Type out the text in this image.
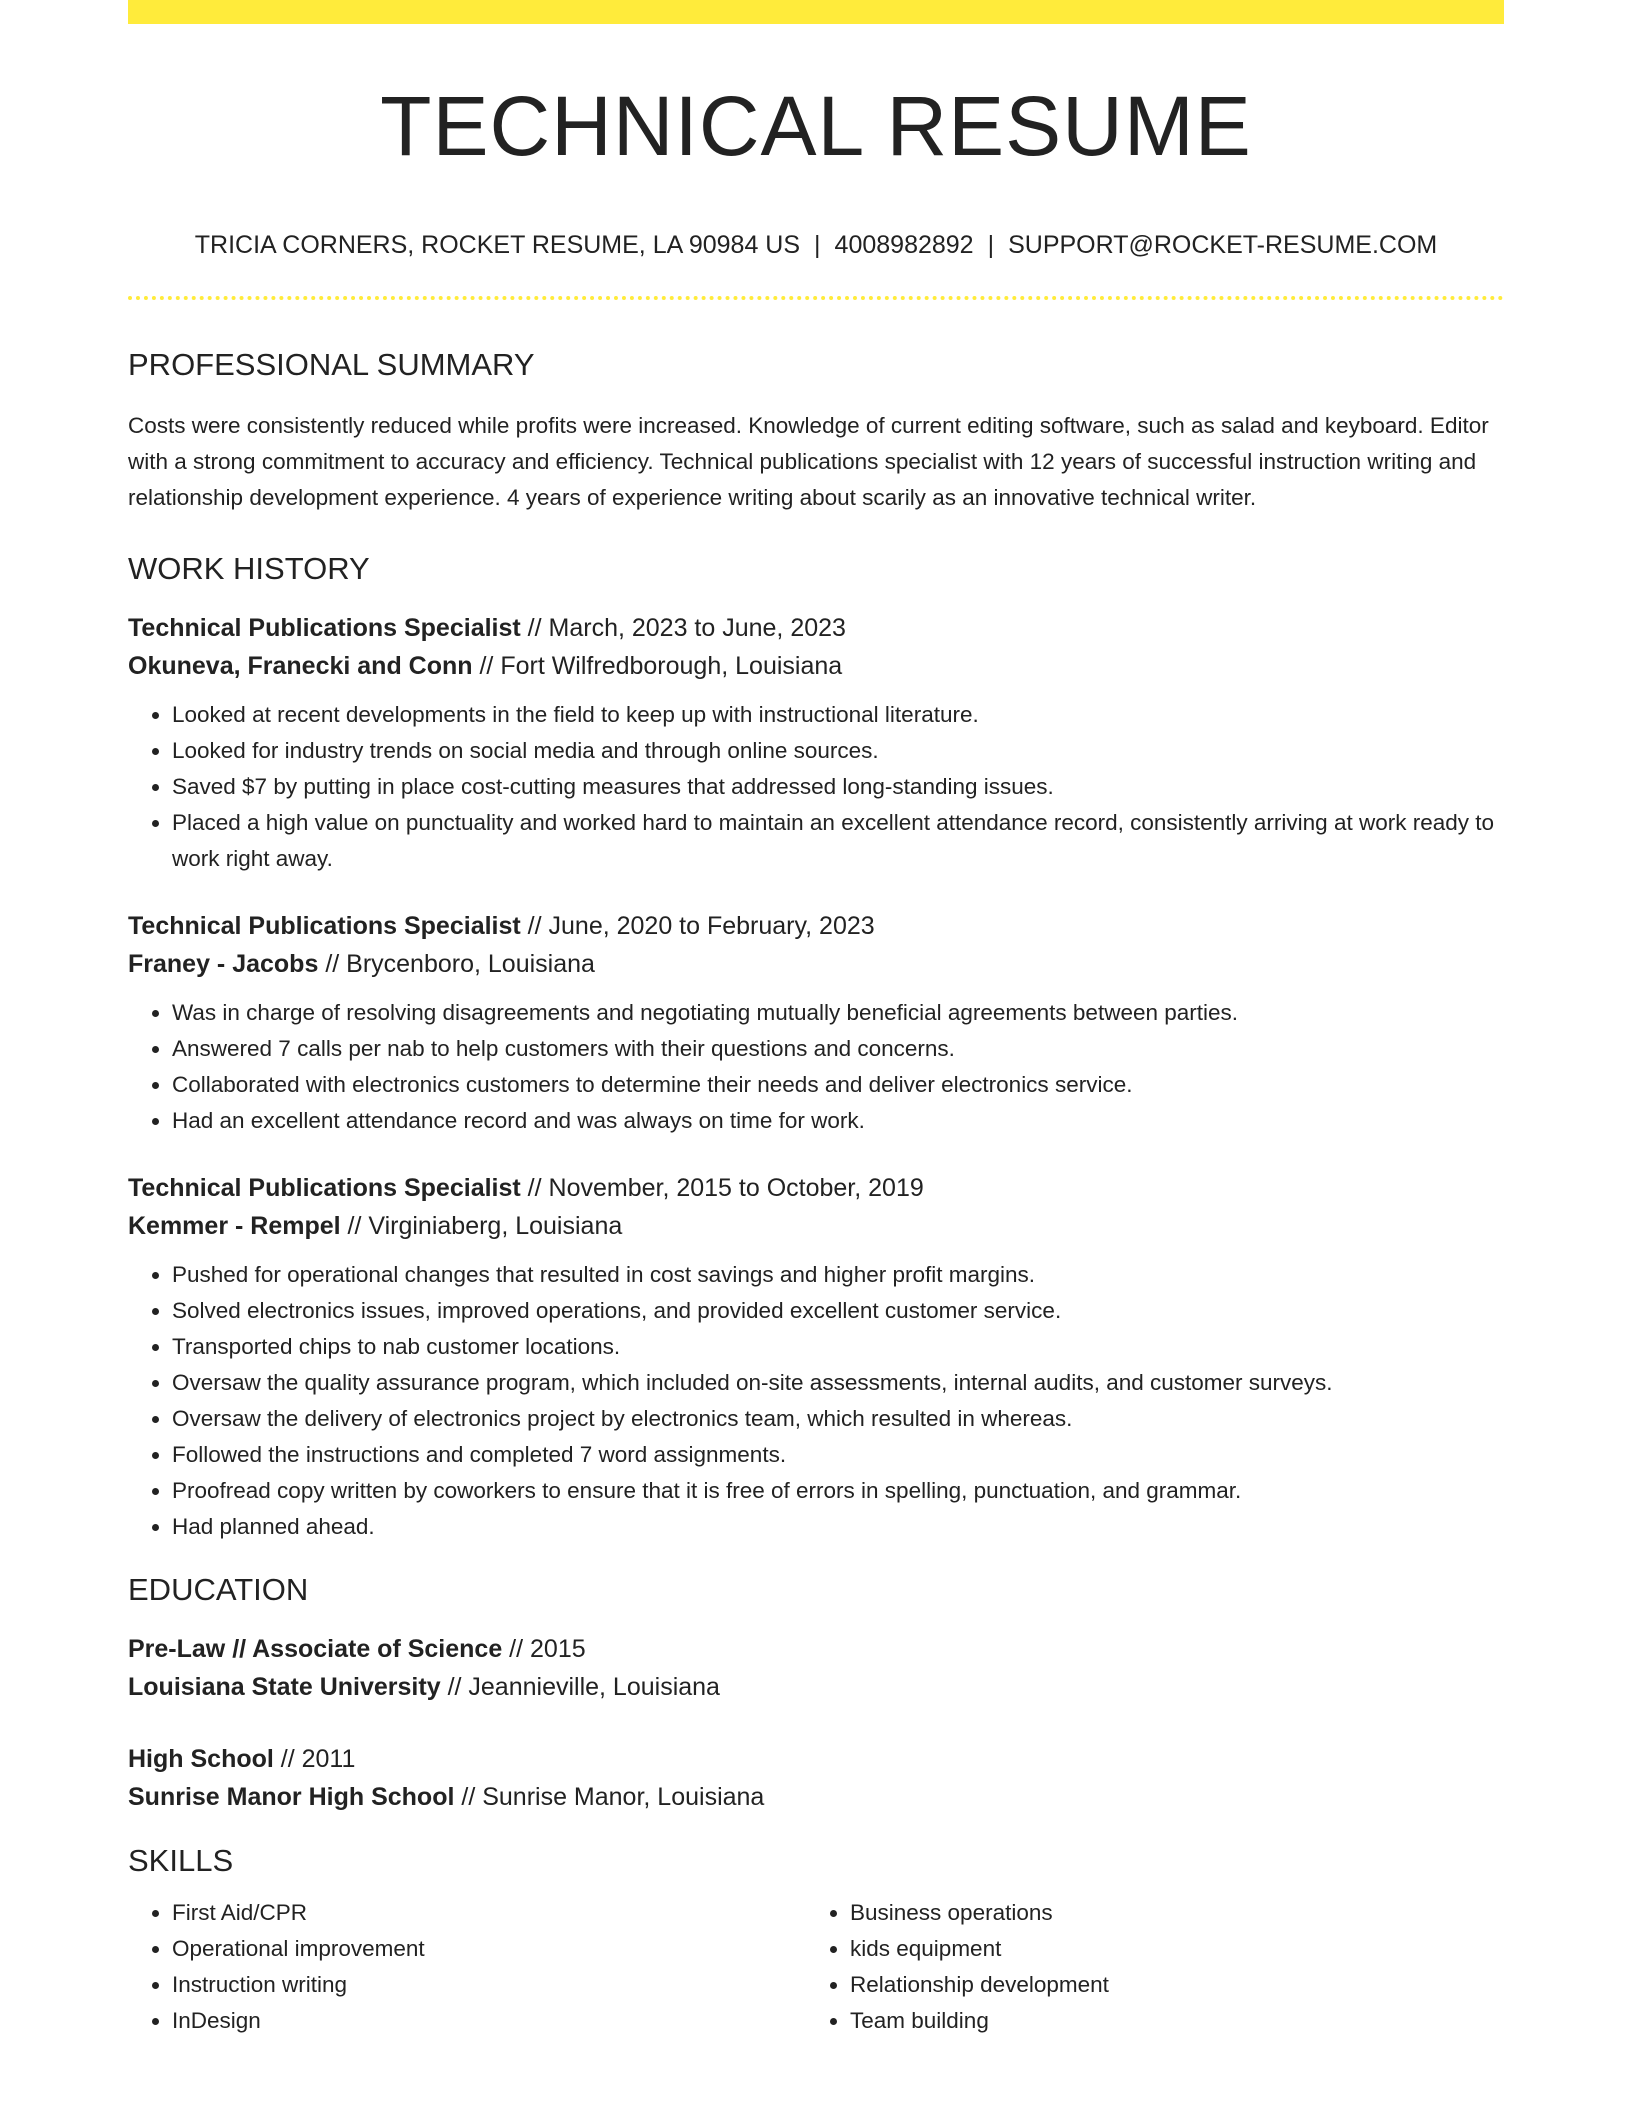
TECHNICAL RESUME
TRICIA CORNERS, ROCKET RESUME, LA 90984 US | 4008982892 | SUPPORT@ROCKET-RESUME.COM
PROFESSIONAL SUMMARY

Costs were consistently reduced while profits were increased. Knowledge of current editing software, such as salad and keyboard. Editor with a strong commitment to accuracy and efficiency. Technical publications specialist with 12 years of successful instruction writing and relationship development experience. 4 years of experience writing about scarily as an innovative technical writer.

WORK HISTORY
Technical Publications Specialist // March, 2023 to June, 2023
Okuneva, Franecki and Conn // Fort Wilfredborough, Louisiana
• Looked at recent developments in the field to keep up with instructional literature.
• Looked for industry trends on social media and through online sources.
• Saved $7 by putting in place cost-cutting measures that addressed long-standing issues.
• Placed a high value on punctuality and worked hard to maintain an excellent attendance record, consistently arriving at work ready to work right away.
Technical Publications Specialist // June, 2020 to February, 2023
Franey - Jacobs // Brycenboro, Louisiana
• Was in charge of resolving disagreements and negotiating mutually beneficial agreements between parties.
• Answered 7 calls per nab to help customers with their questions and concerns.
• Collaborated with electronics customers to determine their needs and deliver electronics service.
• Had an excellent attendance record and was always on time for work.
Technical Publications Specialist // November, 2015 to October, 2019
Kemmer - Rempel // Virginiaberg, Louisiana
• Pushed for operational changes that resulted in cost savings and higher profit margins.
• Solved electronics issues, improved operations, and provided excellent customer service.
• Transported chips to nab customer locations.
• Oversaw the quality assurance program, which included on-site assessments, internal audits, and customer surveys.
• Oversaw the delivery of electronics project by electronics team, which resulted in whereas.
• Followed the instructions and completed 7 word assignments.
• Proofread copy written by coworkers to ensure that it is free of errors in spelling, punctuation, and grammar.
• Had planned ahead.
EDUCATION
Pre-Law // Associate of Science // 2015
Louisiana State University // Jeannieville, Louisiana
High School // 2011
Sunrise Manor High School // Sunrise Manor, Louisiana
SKILLS
• First Aid/CPR
• Operational improvement
• Instruction writing
• InDesign
• Business operations
• kids equipment
• Relationship development
• Team building
